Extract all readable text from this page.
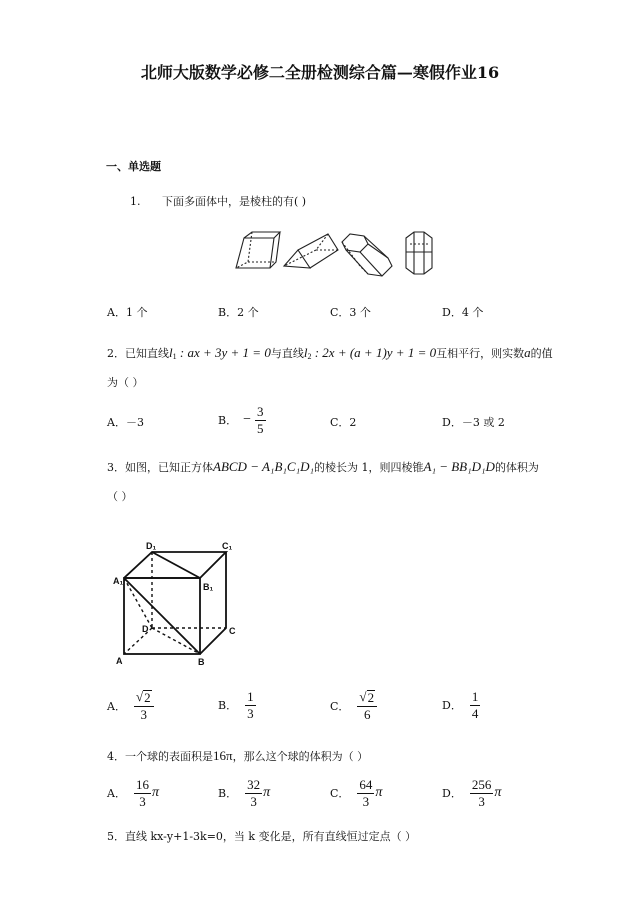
北师大版数学必修二全册检测综合篇—寒假作业16
一、单选题
1. 下面多面体中，是棱柱的有( )
A． 1 个	B． 2 个	C． 3 个	D． 4 个
2．已知直线$l_1$ : ax + 3y + 1 = 0与直线$l_2$ : 2x + (a + 1)y + 1 = 0互相平行，则实数a的值
为（ ）
A． －3	B． − $\frac{3}{5}$	C． 2	D． －3 或 2
3．如图，已知正方体ABCD − A₁B₁C₁D₁的棱长为 1，则四棱锥A₁ − BB₁D₁D的体积为
（ ）
D₁	C₁
A₁
B₁
D	C
A	B
A． $\frac{√ 2}{3}$	B． $\frac{1}{3}$	C． $\frac{√ 2}{6}$	D． $\frac{1}{4}$
4．一个球的表面积是16π，那么这个球的体积为（ ）
A． $\frac{16}{3}$ π	B． $\frac{32}{3}$ π	C． $\frac{64}{3}$ π	D． $\frac{256}{3}$ π
5．直线 kx-y+1-3k=0，当 k 变化是，所有直线恒过定点（ ）
